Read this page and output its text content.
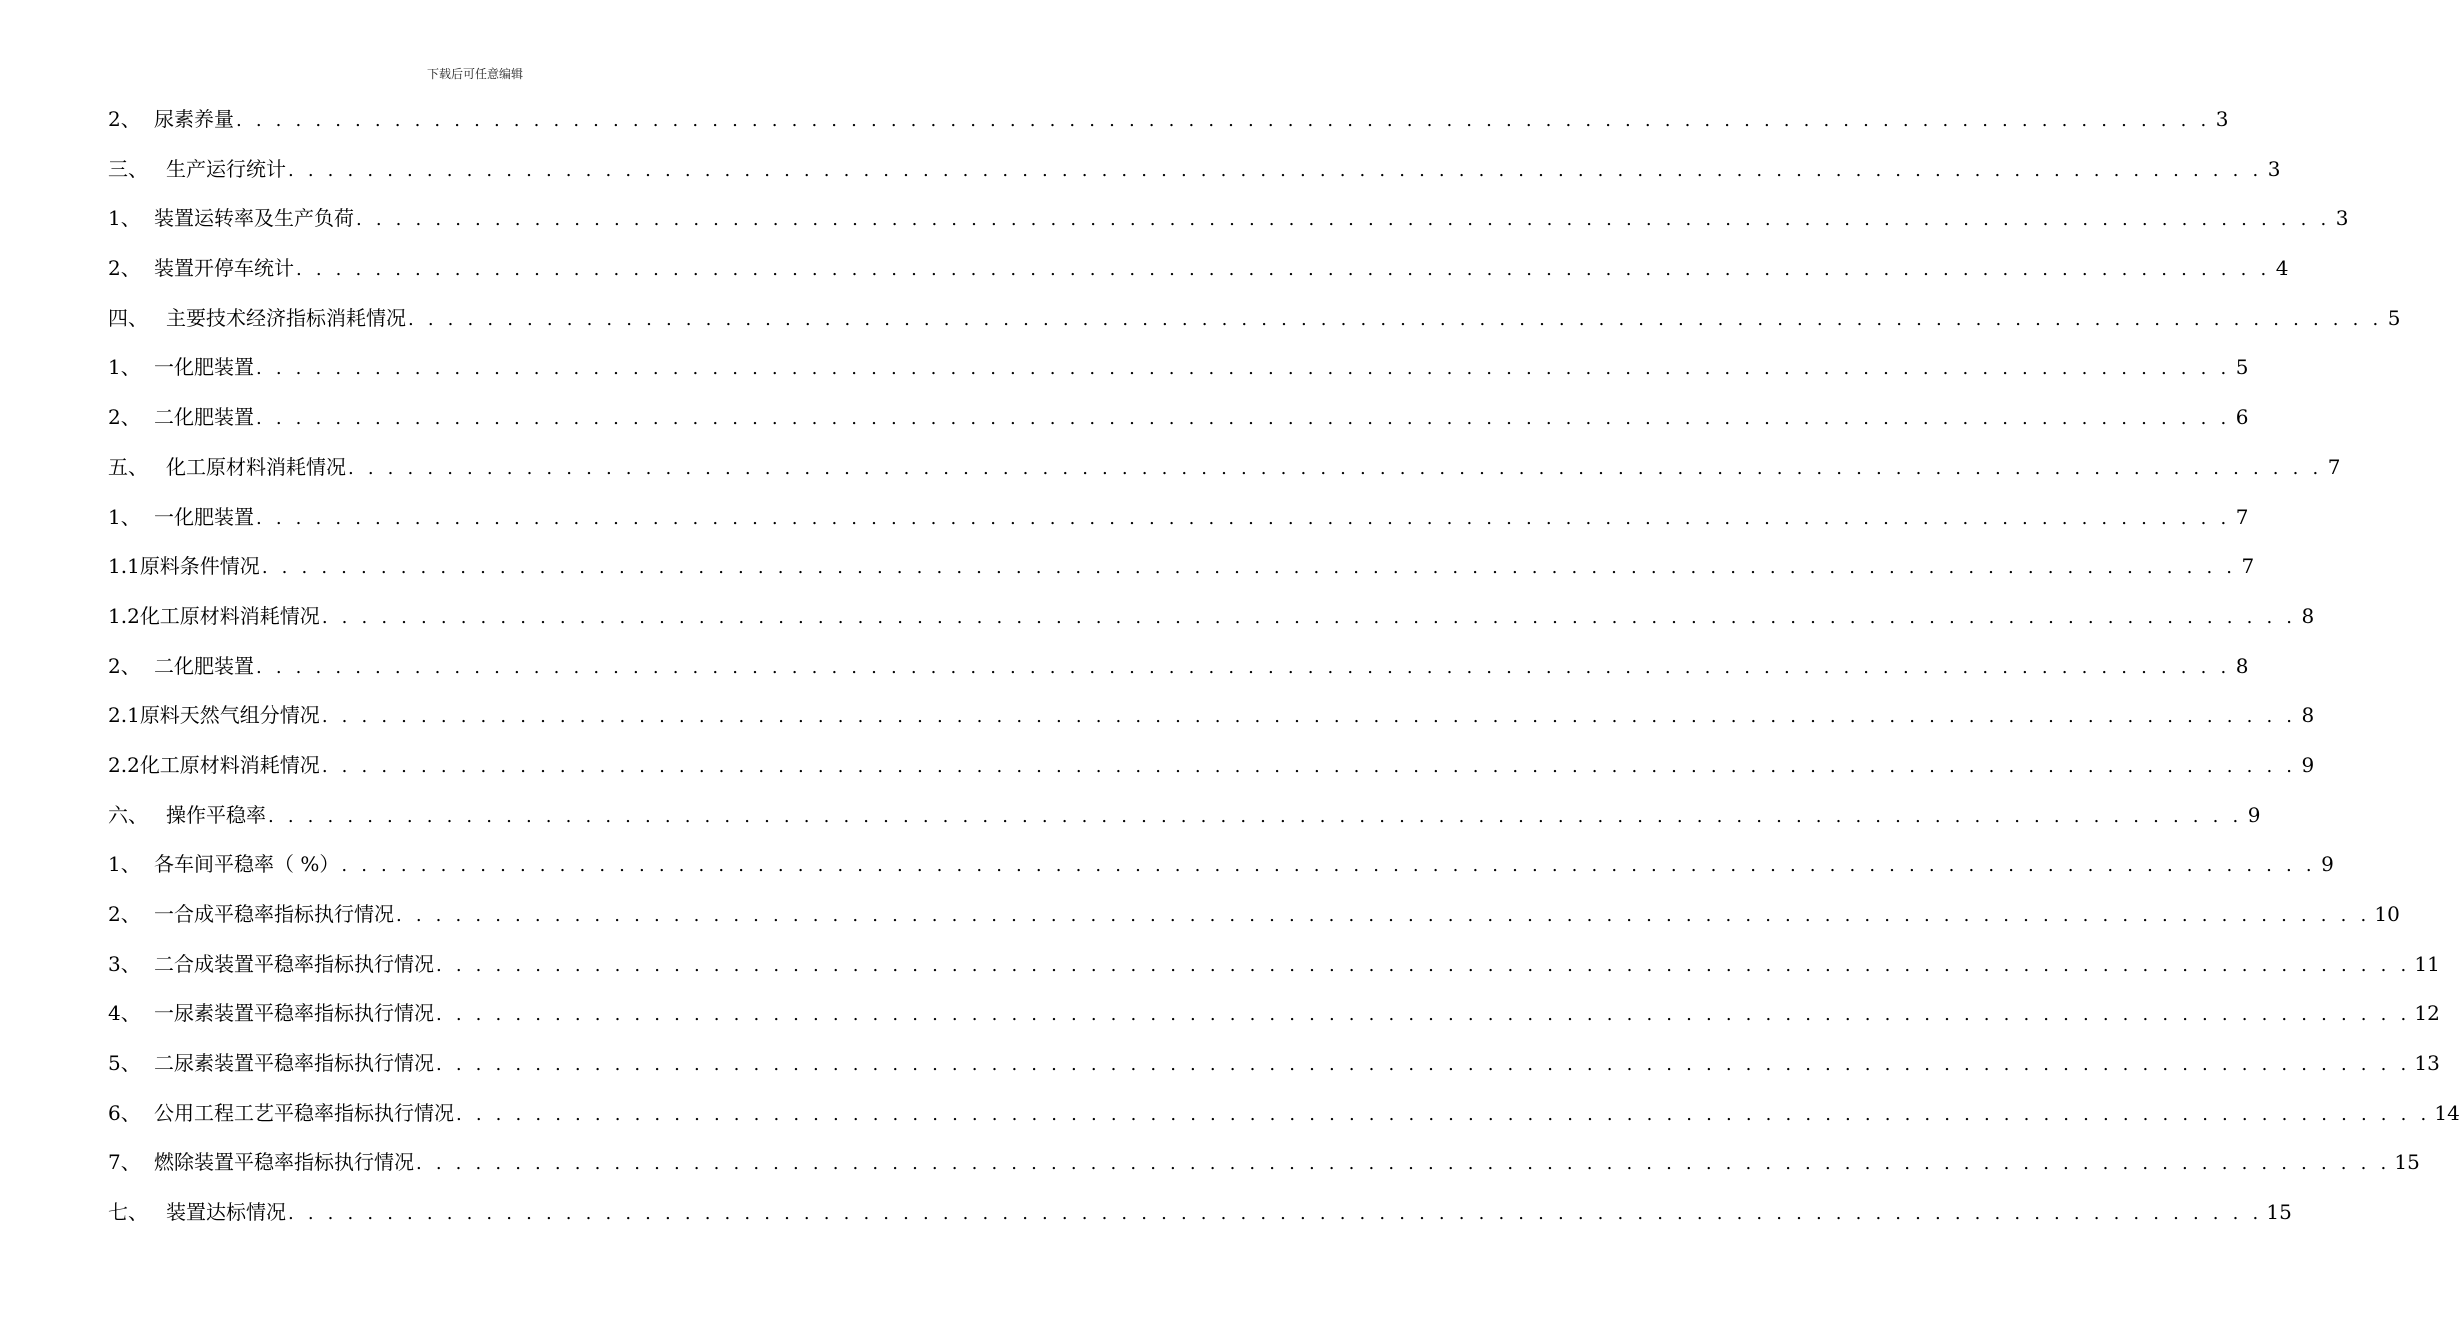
下载后可任意编辑
2、 尿素养量 . . . . . . . . . . . . . . . . . . . . . . . . . . . . . . . . . . . . . . . . . . . . . . . . . . . . . . . . . . . . . . . . . . . . . . . . . . . . . . . . . . . . . . . . . . . . . . . . . . . . 3
三、 生产运行统计 . . . . . . . . . . . . . . . . . . . . . . . . . . . . . . . . . . . . . . . . . . . . . . . . . . . . . . . . . . . . . . . . . . . . . . . . . . . . . . . . . . . . . . . . . . . . . . . . . . . . 3
1、 装置运转率及生产负荷 . . . . . . . . . . . . . . . . . . . . . . . . . . . . . . . . . . . . . . . . . . . . . . . . . . . . . . . . . . . . . . . . . . . . . . . . . . . . . . . . . . . . . . . . . . . . . . . . . . . . 3
2、 装置开停车统计 . . . . . . . . . . . . . . . . . . . . . . . . . . . . . . . . . . . . . . . . . . . . . . . . . . . . . . . . . . . . . . . . . . . . . . . . . . . . . . . . . . . . . . . . . . . . . . . . . . . . 4
四、 主要技术经济指标消耗情况 . . . . . . . . . . . . . . . . . . . . . . . . . . . . . . . . . . . . . . . . . . . . . . . . . . . . . . . . . . . . . . . . . . . . . . . . . . . . . . . . . . . . . . . . . . . . . . . . . . . . 5
1、 一化肥装置 . . . . . . . . . . . . . . . . . . . . . . . . . . . . . . . . . . . . . . . . . . . . . . . . . . . . . . . . . . . . . . . . . . . . . . . . . . . . . . . . . . . . . . . . . . . . . . . . . . . . 5
2、 二化肥装置 . . . . . . . . . . . . . . . . . . . . . . . . . . . . . . . . . . . . . . . . . . . . . . . . . . . . . . . . . . . . . . . . . . . . . . . . . . . . . . . . . . . . . . . . . . . . . . . . . . . . 6
五、 化工原材料消耗情况 . . . . . . . . . . . . . . . . . . . . . . . . . . . . . . . . . . . . . . . . . . . . . . . . . . . . . . . . . . . . . . . . . . . . . . . . . . . . . . . . . . . . . . . . . . . . . . . . . . . . 7
1、 一化肥装置 . . . . . . . . . . . . . . . . . . . . . . . . . . . . . . . . . . . . . . . . . . . . . . . . . . . . . . . . . . . . . . . . . . . . . . . . . . . . . . . . . . . . . . . . . . . . . . . . . . . . 7
1.1 原料条件情况 . . . . . . . . . . . . . . . . . . . . . . . . . . . . . . . . . . . . . . . . . . . . . . . . . . . . . . . . . . . . . . . . . . . . . . . . . . . . . . . . . . . . . . . . . . . . . . . . . . . . 7
1.2 化工原材料消耗情况 . . . . . . . . . . . . . . . . . . . . . . . . . . . . . . . . . . . . . . . . . . . . . . . . . . . . . . . . . . . . . . . . . . . . . . . . . . . . . . . . . . . . . . . . . . . . . . . . . . . . 8
2、 二化肥装置 . . . . . . . . . . . . . . . . . . . . . . . . . . . . . . . . . . . . . . . . . . . . . . . . . . . . . . . . . . . . . . . . . . . . . . . . . . . . . . . . . . . . . . . . . . . . . . . . . . . . 8
2.1 原料天然气组分情况 . . . . . . . . . . . . . . . . . . . . . . . . . . . . . . . . . . . . . . . . . . . . . . . . . . . . . . . . . . . . . . . . . . . . . . . . . . . . . . . . . . . . . . . . . . . . . . . . . . . . 8
2.2 化工原材料消耗情况 . . . . . . . . . . . . . . . . . . . . . . . . . . . . . . . . . . . . . . . . . . . . . . . . . . . . . . . . . . . . . . . . . . . . . . . . . . . . . . . . . . . . . . . . . . . . . . . . . . . . 9
六、 操作平稳率 . . . . . . . . . . . . . . . . . . . . . . . . . . . . . . . . . . . . . . . . . . . . . . . . . . . . . . . . . . . . . . . . . . . . . . . . . . . . . . . . . . . . . . . . . . . . . . . . . . . . 9
1、 各车间平稳率（ %） . . . . . . . . . . . . . . . . . . . . . . . . . . . . . . . . . . . . . . . . . . . . . . . . . . . . . . . . . . . . . . . . . . . . . . . . . . . . . . . . . . . . . . . . . . . . . . . . . . . . 9
2、 一合成平稳率指标执行情况 . . . . . . . . . . . . . . . . . . . . . . . . . . . . . . . . . . . . . . . . . . . . . . . . . . . . . . . . . . . . . . . . . . . . . . . . . . . . . . . . . . . . . . . . . . . . . . . . . . . . 10
3、 二合成装置平稳率指标执行情况 . . . . . . . . . . . . . . . . . . . . . . . . . . . . . . . . . . . . . . . . . . . . . . . . . . . . . . . . . . . . . . . . . . . . . . . . . . . . . . . . . . . . . . . . . . . . . . . . . . . . 11
4、 一尿素装置平稳率指标执行情况 . . . . . . . . . . . . . . . . . . . . . . . . . . . . . . . . . . . . . . . . . . . . . . . . . . . . . . . . . . . . . . . . . . . . . . . . . . . . . . . . . . . . . . . . . . . . . . . . . . . . 12
5、 二尿素装置平稳率指标执行情况 . . . . . . . . . . . . . . . . . . . . . . . . . . . . . . . . . . . . . . . . . . . . . . . . . . . . . . . . . . . . . . . . . . . . . . . . . . . . . . . . . . . . . . . . . . . . . . . . . . . . 13
6、 公用工程工艺平稳率指标执行情况 . . . . . . . . . . . . . . . . . . . . . . . . . . . . . . . . . . . . . . . . . . . . . . . . . . . . . . . . . . . . . . . . . . . . . . . . . . . . . . . . . . . . . . . . . . . . . . . . . . . . 14
7、 燃除装置平稳率指标执行情况 . . . . . . . . . . . . . . . . . . . . . . . . . . . . . . . . . . . . . . . . . . . . . . . . . . . . . . . . . . . . . . . . . . . . . . . . . . . . . . . . . . . . . . . . . . . . . . . . . . . . 15
七、 装置达标情况 . . . . . . . . . . . . . . . . . . . . . . . . . . . . . . . . . . . . . . . . . . . . . . . . . . . . . . . . . . . . . . . . . . . . . . . . . . . . . . . . . . . . . . . . . . . . . . . . . . . . 15
